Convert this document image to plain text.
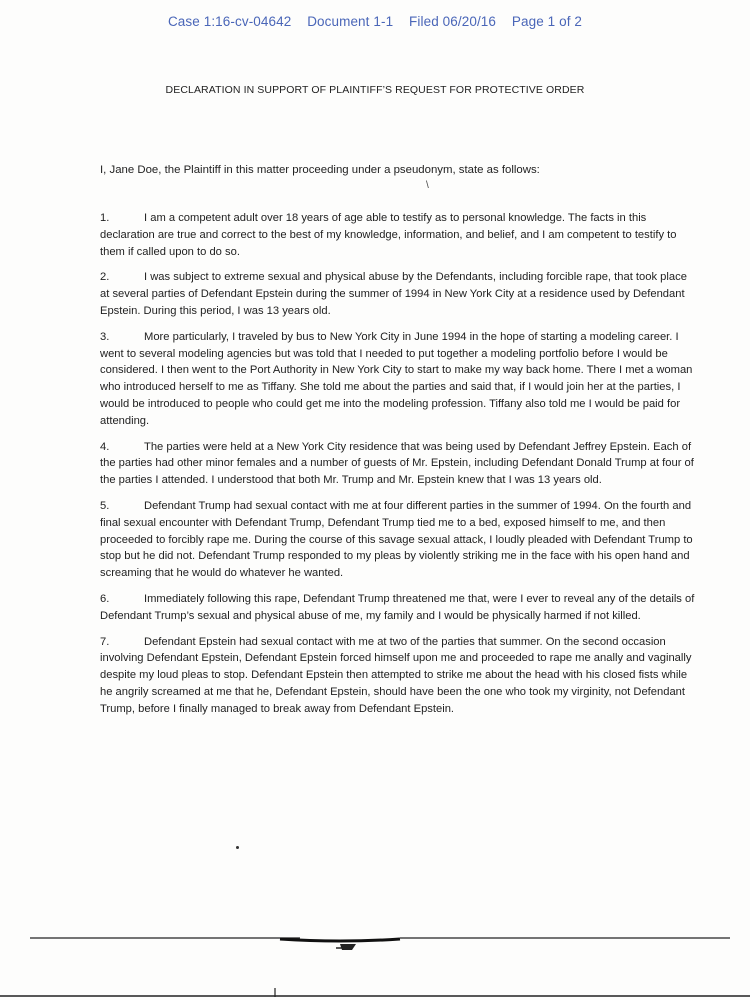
Case 1:16-cv-04642 Document 1-1 Filed 06/20/16 Page 1 of 2
DECLARATION IN SUPPORT OF PLAINTIFF’S REQUEST FOR PROTECTIVE ORDER
I, Jane Doe, the Plaintiff in this matter proceeding under a pseudonym, state as follows:
\

1.	I am a competent adult over 18 years of age able to testify as to personal knowledge. The facts in this declaration are true and correct to the best of my knowledge, information, and belief, and I am competent to testify to them if called upon to do so.

2.	I was subject to extreme sexual and physical abuse by the Defendants, including forcible rape, that took place at several parties of Defendant Epstein during the summer of 1994 in New York City at a residence used by Defendant Epstein. During this period, I was 13 years old.

3.	More particularly, I traveled by bus to New York City in June 1994 in the hope of starting a modeling career. I went to several modeling agencies but was told that I needed to put together a modeling portfolio before I would be considered. I then went to the Port Authority in New York City to start to make my way back home. There I met a woman who introduced herself to me as Tiffany. She told me about the parties and said that, if I would join her at the parties, I would be introduced to people who could get me into the modeling profession. Tiffany also told me I would be paid for attending.

4.	The parties were held at a New York City residence that was being used by Defendant Jeffrey Epstein. Each of the parties had other minor females and a number of guests of Mr. Epstein, including Defendant Donald Trump at four of the parties I attended. I understood that both Mr. Trump and Mr. Epstein knew that I was 13 years old.

5.	Defendant Trump had sexual contact with me at four different parties in the summer of 1994. On the fourth and final sexual encounter with Defendant Trump, Defendant Trump tied me to a bed, exposed himself to me, and then proceeded to forcibly rape me. During the course of this savage sexual attack, I loudly pleaded with Defendant Trump to stop but he did not. Defendant Trump responded to my pleas by violently striking me in the face with his open hand and screaming that he would do whatever he wanted.

6.	Immediately following this rape, Defendant Trump threatened me that, were I ever to reveal any of the details of Defendant Trump’s sexual and physical abuse of me, my family and I would be physically harmed if not killed.

7.	Defendant Epstein had sexual contact with me at two of the parties that summer. On the second occasion involving Defendant Epstein, Defendant Epstein forced himself upon me and proceeded to rape me anally and vaginally despite my loud pleas to stop. Defendant Epstein then attempted to strike me about the head with his closed fists while he angrily screamed at me that he, Defendant Epstein, should have been the one who took my virginity, not Defendant Trump, before I finally managed to break away from Defendant Epstein.
